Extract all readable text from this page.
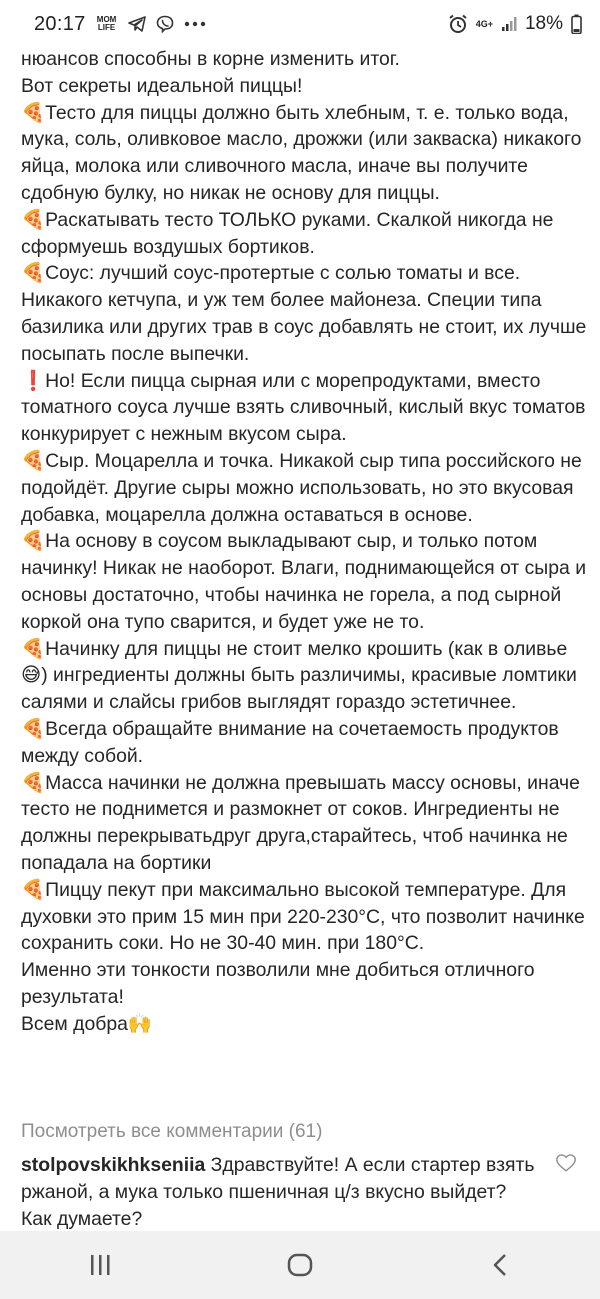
20:17 MOM
LIFE	4G+ 18%

нюансов способны в корне изменить итог.

Вот секреты идеальной пиццы!

🍕Тесто для пиццы должно быть хлебным, т. е. только вода, мука, соль, оливковое масло, дрожжи (или закваска) никакого яйца, молока или сливочного масла, иначе вы получите сдобную булку, но никак не основу для пиццы.

🍕Раскатывать тесто ТОЛЬКО руками. Скалкой никогда не сформуешь воздушых бортиков.

🍕Соус: лучший соус-протертые с солью томаты и все. Никакого кетчупа, и уж тем более майонеза. Специи типа базилика или других трав в соус добавлять не стоит, их лучше посыпать после выпечки.

❗Но! Если пицца сырная или с морепродуктами, вместо томатного соуса лучше взять сливочный, кислый вкус томатов конкурирует с нежным вкусом сыра.

🍕Сыр. Моцарелла и точка. Никакой сыр типа российского не подойдёт. Другие сыры можно использовать, но это вкусовая добавка, моцарелла должна оставаться в основе.

🍕На основу в соусом выкладывают сыр, и только потом начинку! Никак не наоборот. Влаги, поднимающейся от сыра и основы достаточно, чтобы начинка не горела, а под сырной коркой она тупо сварится, и будет уже не то.

🍕Начинку для пиццы не стоит мелко крошить (как в оливье😅) ингредиенты должны быть различимы, красивые ломтики салями и слайсы грибов выглядят гораздо эстетичнее.

🍕Всегда обращайте внимание на сочетаемость продуктов между собой.

🍕Масса начинки не должна превышать массу основы, иначе тесто не поднимется и размокнет от соков. Ингредиенты не должны перекрыватьдруг друга,старайтесь, чтоб начинка не попадала на бортики

🍕Пиццу пекут при максимально высокой температуре. Для духовки это прим 15 мин при 220-230°C, что позволит начинке сохранить соки. Но не 30-40 мин. при 180°C.

Именно эти тонкости позволили мне добиться отличного результата!

Всем добра🙌

Посмотреть все комментарии (61)
stolpovskikhkseniia Здравствуйте! А если стартер взять ржаной, а мука только пшеничная ц/з вкусно выйдет? Как думаете?
